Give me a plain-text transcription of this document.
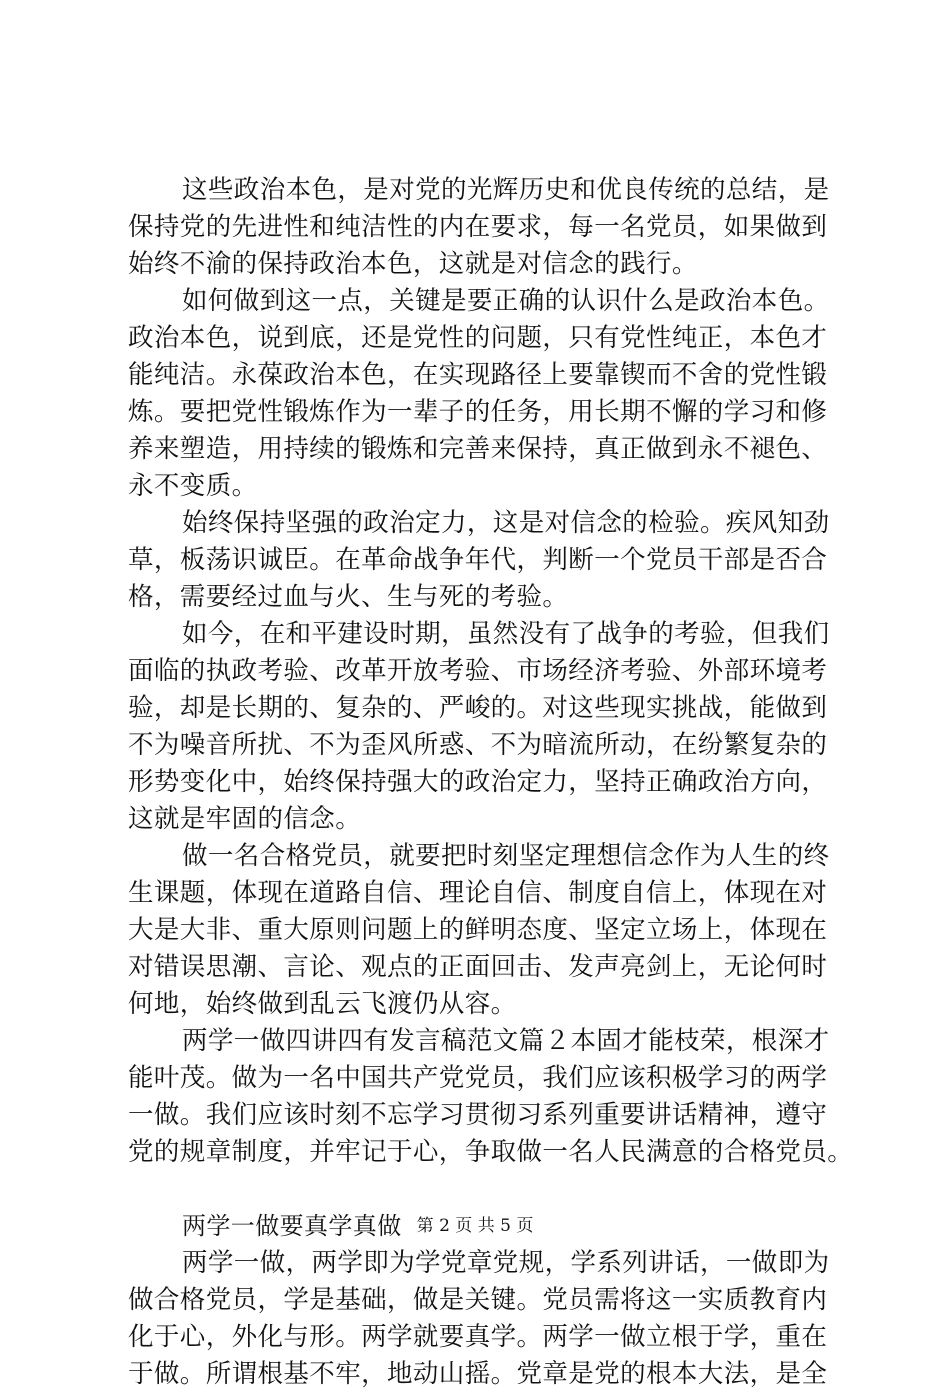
这些政治本色，是对党的光辉历史和优良传统的总结，是
保持党的先进性和纯洁性的内在要求，每一名党员，如果做到
始终不渝的保持政治本色，这就是对信念的践行。
如何做到这一点，关键是要正确的认识什么是政治本色。
政治本色，说到底，还是党性的问题，只有党性纯正，本色才
能纯洁。永葆政治本色，在实现路径上要靠锲而不舍的党性锻
炼。要把党性锻炼作为一辈子的任务，用长期不懈的学习和修
养来塑造，用持续的锻炼和完善来保持，真正做到永不褪色、
永不变质。
始终保持坚强的政治定力，这是对信念的检验。疾风知劲
草，板荡识诚臣。在革命战争年代，判断一个党员干部是否合
格，需要经过血与火、生与死的考验。
如今，在和平建设时期，虽然没有了战争的考验，但我们
面临的执政考验、改革开放考验、市场经济考验、外部环境考
验，却是长期的、复杂的、严峻的。对这些现实挑战，能做到
不为噪音所扰、不为歪风所惑、不为暗流所动，在纷繁复杂的
形势变化中，始终保持强大的政治定力，坚持正确政治方向，
这就是牢固的信念。
做一名合格党员，就要把时刻坚定理想信念作为人生的终
生课题，体现在道路自信、理论自信、制度自信上，体现在对
大是大非、重大原则问题上的鲜明态度、坚定立场上，体现在
对错误思潮、言论、观点的正面回击、发声亮剑上，无论何时
何地，始终做到乱云飞渡仍从容。
两学一做四讲四有发言稿范文篇２本固才能枝荣，根深才
能叶茂。做为一名中国共产党党员，我们应该积极学习的两学
一做。我们应该时刻不忘学习贯彻习系列重要讲话精神，遵守
党的规章制度，并牢记于心，争取做一名人民满意的合格党员。
两学一做要真学真做
两学一做，两学即为学党章党规，学系列讲话，一做即为
做合格党员，学是基础，做是关键。党员需将这一实质教育内
化于心，外化与形。两学就要真学。两学一做立根于学，重在
于做。所谓根基不牢，地动山摇。党章是党的根本大法，是全
第 2 页 共 5 页
